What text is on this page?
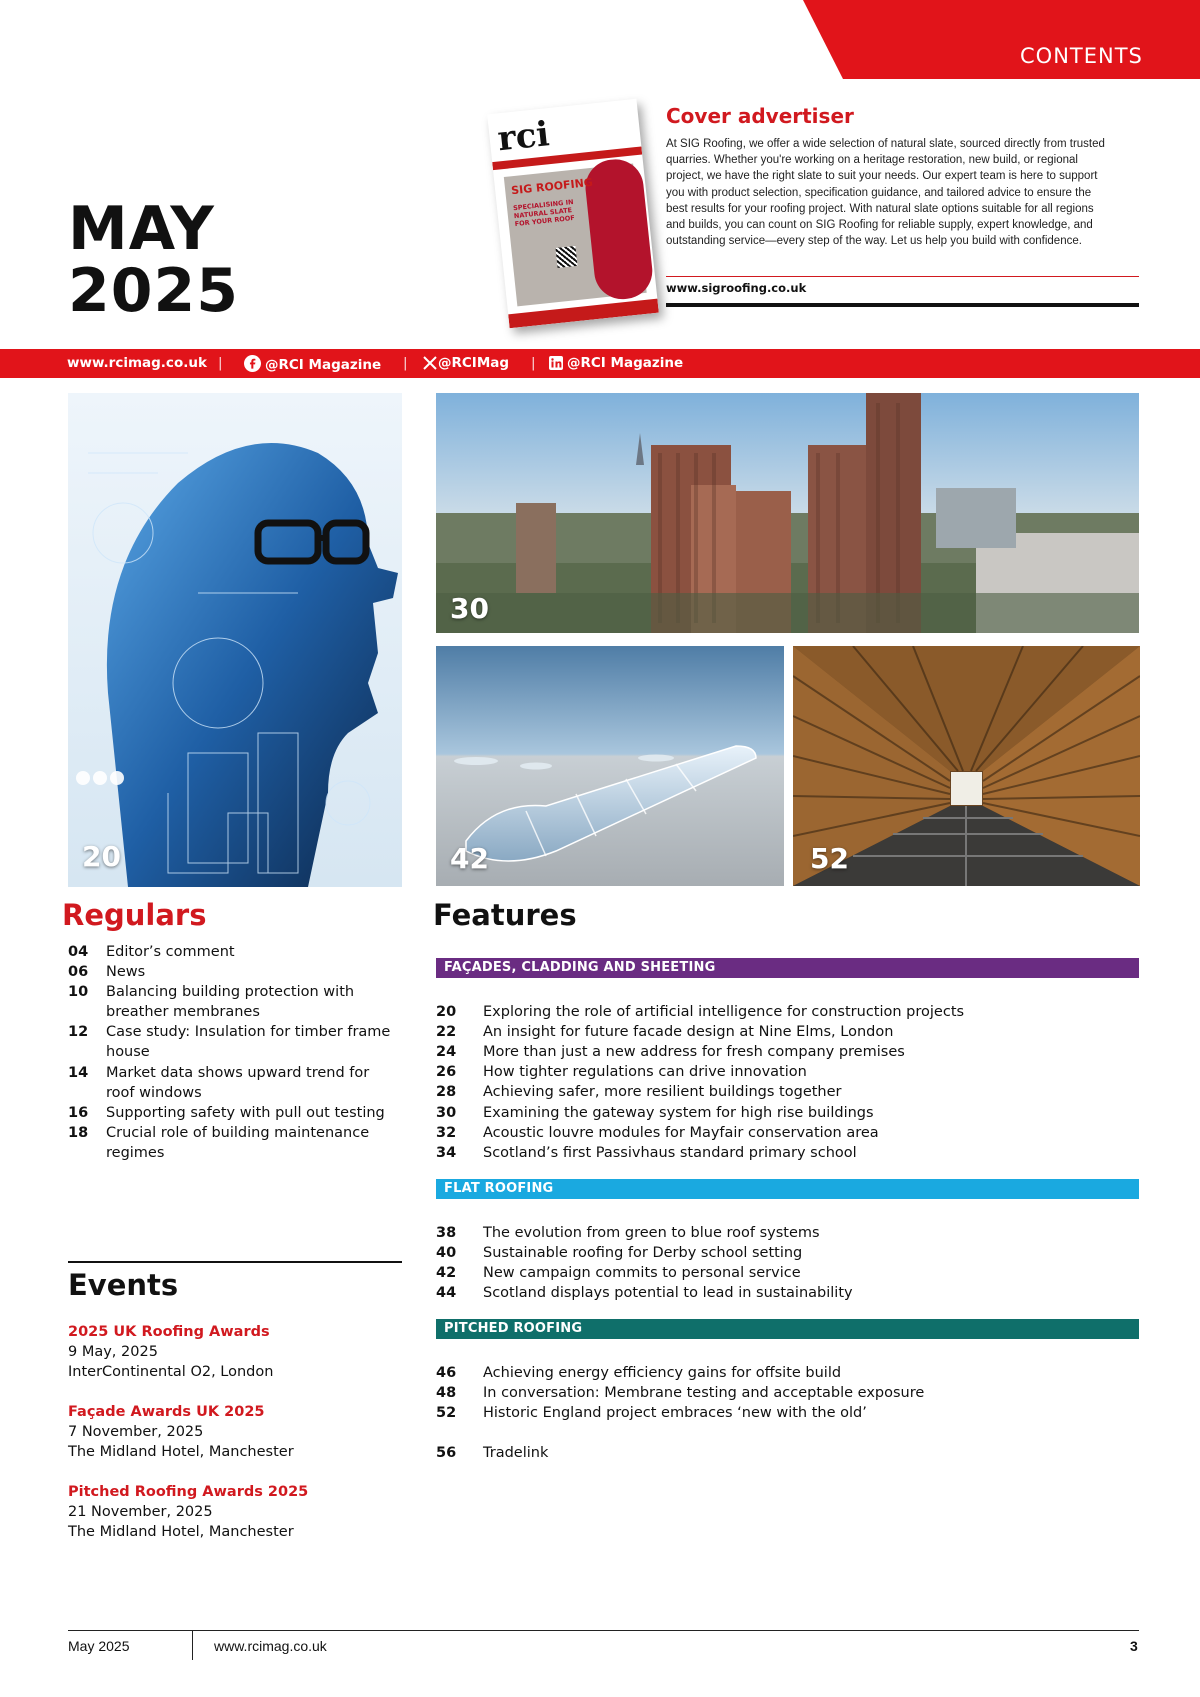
CONTENTS
MAY
2025
rci
SIG ROOFING
SPECIALISING IN NATURAL SLATE FOR YOUR ROOF
Cover advertiser
At SIG Roofing, we offer a wide selection of natural slate, sourced directly from trusted quarries. Whether you're working on a heritage restoration, new build, or regional project, we have the right slate to suit your needs. Our expert team is here to support you with product selection, specification guidance, and tailored advice to ensure the best results for your roofing project. With natural slate options suitable for all regions and builds, you can count on SIG Roofing for reliable supply, expert knowledge, and outstanding service—every step of the way. Let us help you build with confidence.
www.sigroofing.co.uk
www.rcimag.co.uk |	@RCI Magazine |	@RCIMag |	@RCI Magazine
20
30
42	52
Regulars
04 Editor’s comment
06 News
10 Balancing building protection with
breather membranes
12 Case study: Insulation for timber frame
house
14 Market data shows upward trend for
roof windows
16 Supporting safety with pull out testing
18 Crucial role of building maintenance
regimes
Features
FAÇADES, CLADDING AND SHEETING
20 Exploring the role of artificial intelligence for construction projects
22 An insight for future facade design at Nine Elms, London
24 More than just a new address for fresh company premises
26 How tighter regulations can drive innovation
28 Achieving safer, more resilient buildings together
30 Examining the gateway system for high rise buildings
32 Acoustic louvre modules for Mayfair conservation area
34 Scotland’s first Passivhaus standard primary school
FLAT ROOFING
38 The evolution from green to blue roof systems
40 Sustainable roofing for Derby school setting
42 New campaign commits to personal service
44 Scotland displays potential to lead in sustainability
PITCHED ROOFING
46 Achieving energy efficiency gains for offsite build
48 In conversation: Membrane testing and acceptable exposure
52 Historic England project embraces ‘new with the old’
56 Tradelink
Events
2025 UK Roofing Awards
9 May, 2025
InterContinental O2, London
Façade Awards UK 2025
7 November, 2025
The Midland Hotel, Manchester
Pitched Roofing Awards 2025
21 November, 2025
The Midland Hotel, Manchester
May 2025	www.rcimag.co.uk	3
